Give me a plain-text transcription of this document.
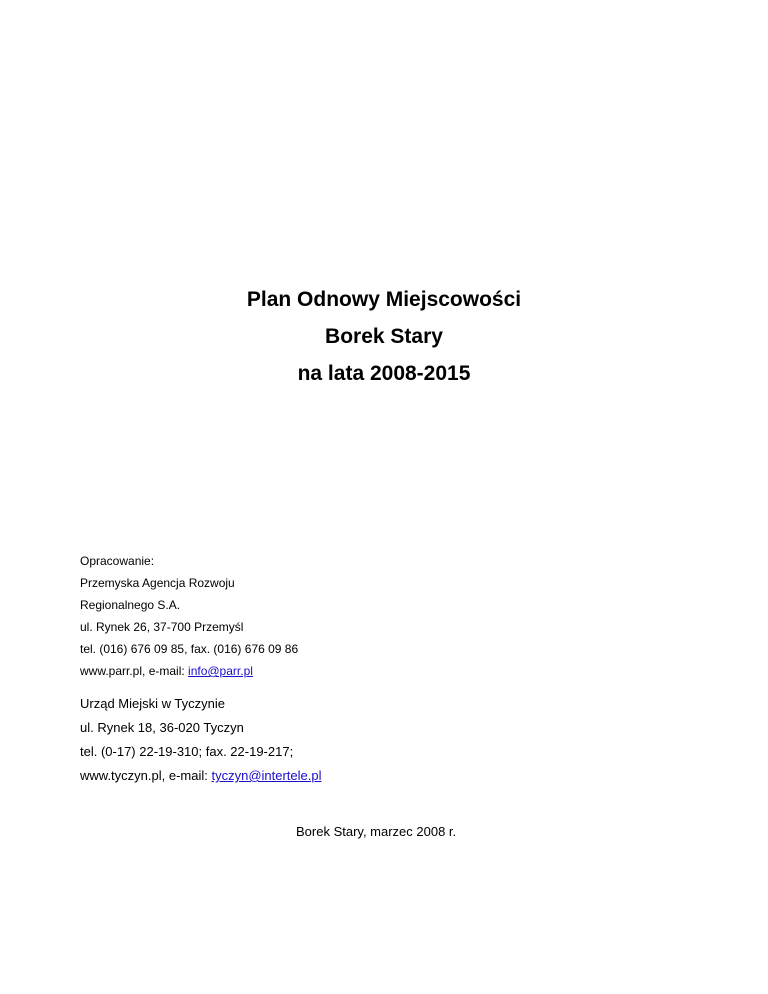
Plan Odnowy Miejscowości
Borek Stary
na lata 2008-2015
Opracowanie:
Przemyska Agencja Rozwoju
Regionalnego S.A.
ul. Rynek 26, 37-700 Przemyśl
tel. (016) 676 09 85, fax. (016) 676 09 86
www.parr.pl, e-mail: info@parr.pl
Urząd Miejski w Tyczynie
ul. Rynek 18, 36-020 Tyczyn
tel. (0-17) 22-19-310; fax. 22-19-217;
www.tyczyn.pl, e-mail: tyczyn@intertele.pl
Borek Stary, marzec 2008 r.
